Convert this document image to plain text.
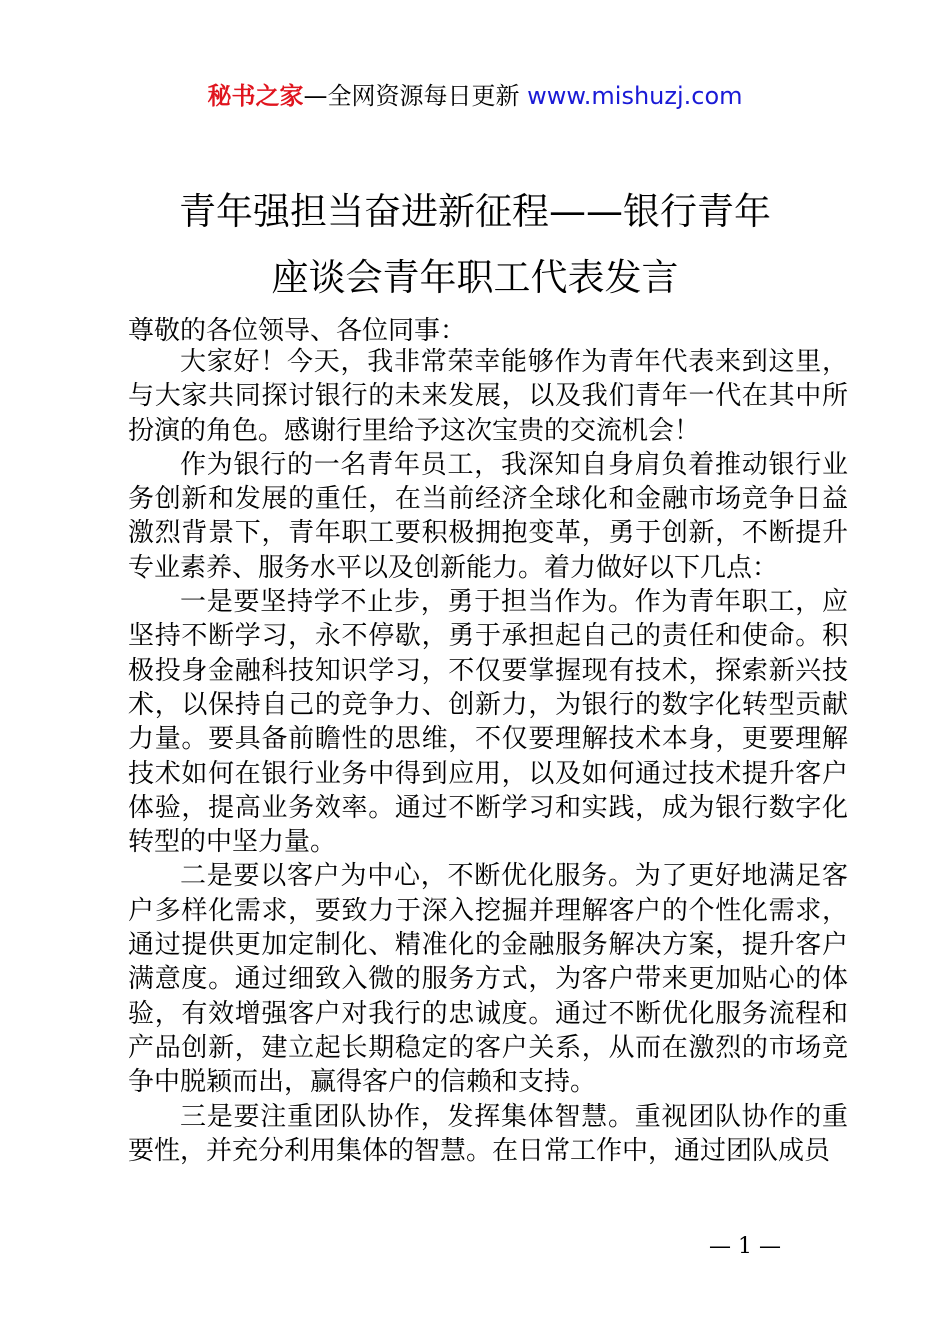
秘书之家—全网资源每日更新 www.mishuzj.com
青年强担当奋进新征程——银行青年
座谈会青年职工代表发言
尊敬的各位领导、各位同事：

大家好！今天，我非常荣幸能够作为青年代表来到这里，与大家共同探讨银行的未来发展，以及我们青年一代在其中所扮演的角色。感谢行里给予这次宝贵的交流机会！

作为银行的一名青年员工，我深知自身肩负着推动银行业务创新和发展的重任，在当前经济全球化和金融市场竞争日益激烈背景下，青年职工要积极拥抱变革，勇于创新，不断提升专业素养、服务水平以及创新能力。着力做好以下几点：

一是要坚持学不止步，勇于担当作为。作为青年职工，应坚持不断学习，永不停歇，勇于承担起自己的责任和使命。积极投身金融科技知识学习，不仅要掌握现有技术，探索新兴技术，以保持自己的竞争力、创新力，为银行的数字化转型贡献力量。要具备前瞻性的思维，不仅要理解技术本身，更要理解技术如何在银行业务中得到应用，以及如何通过技术提升客户体验，提高业务效率。通过不断学习和实践，成为银行数字化转型的中坚力量。

二是要以客户为中心，不断优化服务。为了更好地满足客户多样化需求，要致力于深入挖掘并理解客户的个性化需求，通过提供更加定制化、精准化的金融服务解决方案，提升客户满意度。通过细致入微的服务方式，为客户带来更加贴心的体验，有效增强客户对我行的忠诚度。通过不断优化服务流程和产品创新，建立起长期稳定的客户关系，从而在激烈的市场竞争中脱颖而出，赢得客户的信赖和支持。

三是要注重团队协作，发挥集体智慧。重视团队协作的重要性，并充分利用集体的智慧。在日常工作中，通过团队成员

— 1 —
